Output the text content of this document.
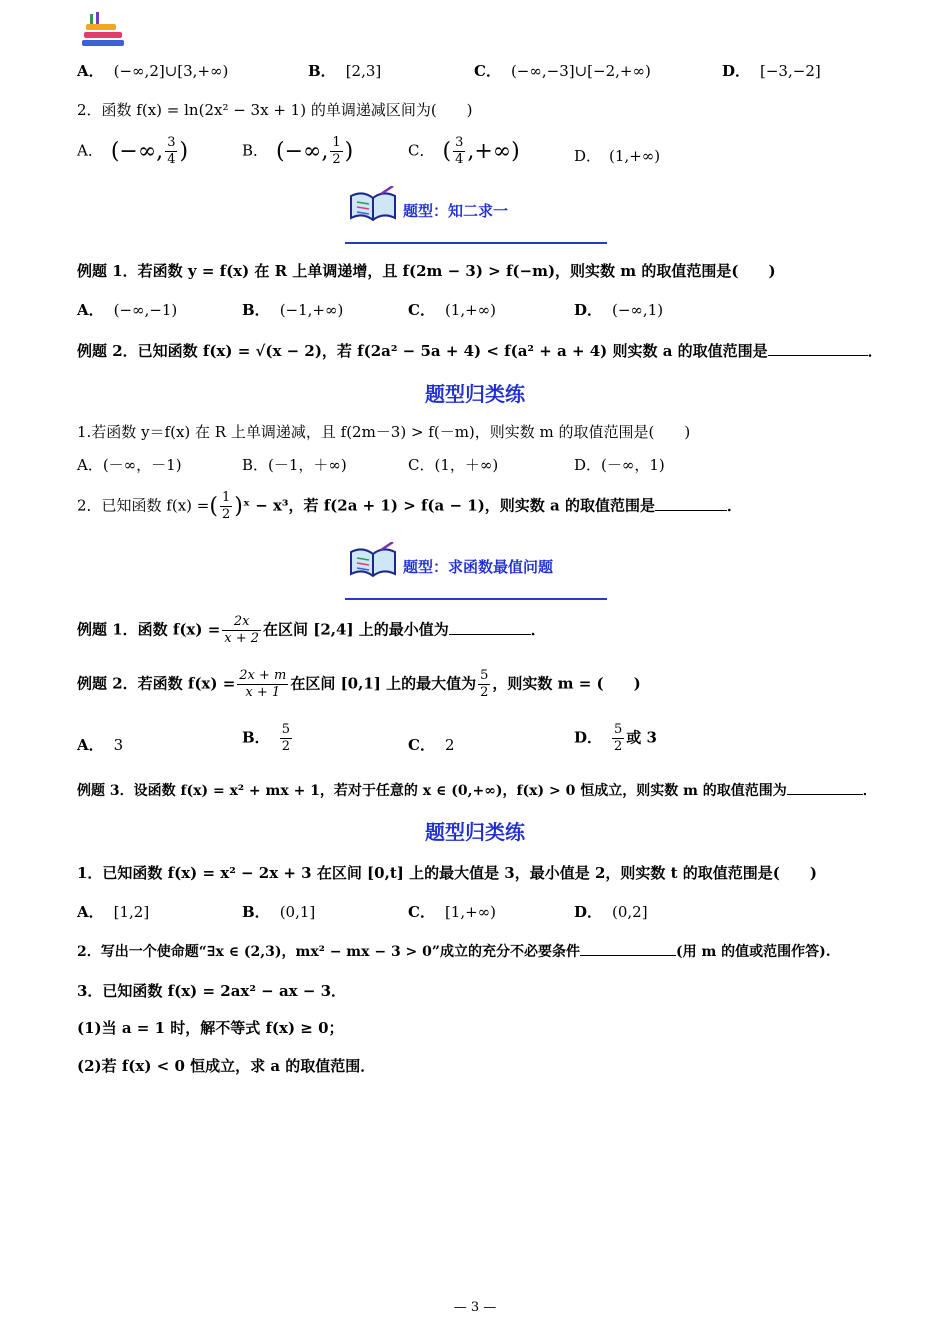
A． (−∞,2]∪[3,+∞)	B． [2,3]	C． (−∞,−3]∪[−2,+∞)	D． [−3,−2]
2．函数 f(x) = ln(2x² − 3x + 1) 的单调递减区间为(　　)
A． (−∞, $\frac{3}{4}$ )	B． (−∞, $\frac{1}{2}$ )	C． ( $\frac{3}{4}$ ,+∞)	D． (1,+∞)
题型：知二求一
例题 1．若函数 y = f(x) 在 R 上单调递增，且 f(2m − 3) > f(−m)，则实数 m 的取值范围是(　　)
A． (−∞,−1)	B． (−1,+∞)	C． (1,+∞)	D． (−∞,1)
例题 2．已知函数 f(x) = √(x − 2)，若 f(2a² − 5a + 4) < f(a² + a + 4) 则实数 a 的取值范围是	．
题型归类练
1.若函数 y＝f(x) 在 R 上单调递减，且 f(2m－3) > f(－m)，则实数 m 的取值范围是(　　)
A．(－∞，－1)	B．(－1，＋∞)	C．(1，＋∞)	D．(－∞，1)
2．已知函数 f(x) =( $\frac{1}{2}$ )ˣ − x³，若 f(2a + 1) > f(a − 1)，则实数 a 的取值范围是	．
题型：求函数最值问题
例题 1．函数 $f(x) = \frac{2x}{x + 2}$ 在区间 [2,4] 上的最小值为	．
例题 2．若函数 $f(x) = \frac{2x + m}{x + 1}$ 在区间 [0,1] 上的最大值为 $\frac{5}{2}$ ，则实数 m = (　　)
A． 3	B． $\frac{5}{2}$	C． 2	D． $\frac{5}{2}$ 或 3
例题 3．设函数 f(x) = x² + mx + 1，若对于任意的 x ∈ (0,+∞)，f(x) > 0 恒成立，则实数 m 的取值范围为	．
题型归类练
1．已知函数 f(x) = x² − 2x + 3 在区间 [0,t] 上的最大值是 3，最小值是 2，则实数 t 的取值范围是(　　)
A． [1,2]	B． (0,1]	C． [1,+∞)	D． (0,2]
2．写出一个使命题“∃x ∈ (2,3)，mx² − mx − 3 > 0”成立的充分不必要条件	(用 m 的值或范围作答).
3．已知函数 f(x) = 2ax² − ax − 3．
(1)当 a = 1 时，解不等式 f(x) ≥ 0；
(2)若 f(x) < 0 恒成立，求 a 的取值范围．
— 3 —
